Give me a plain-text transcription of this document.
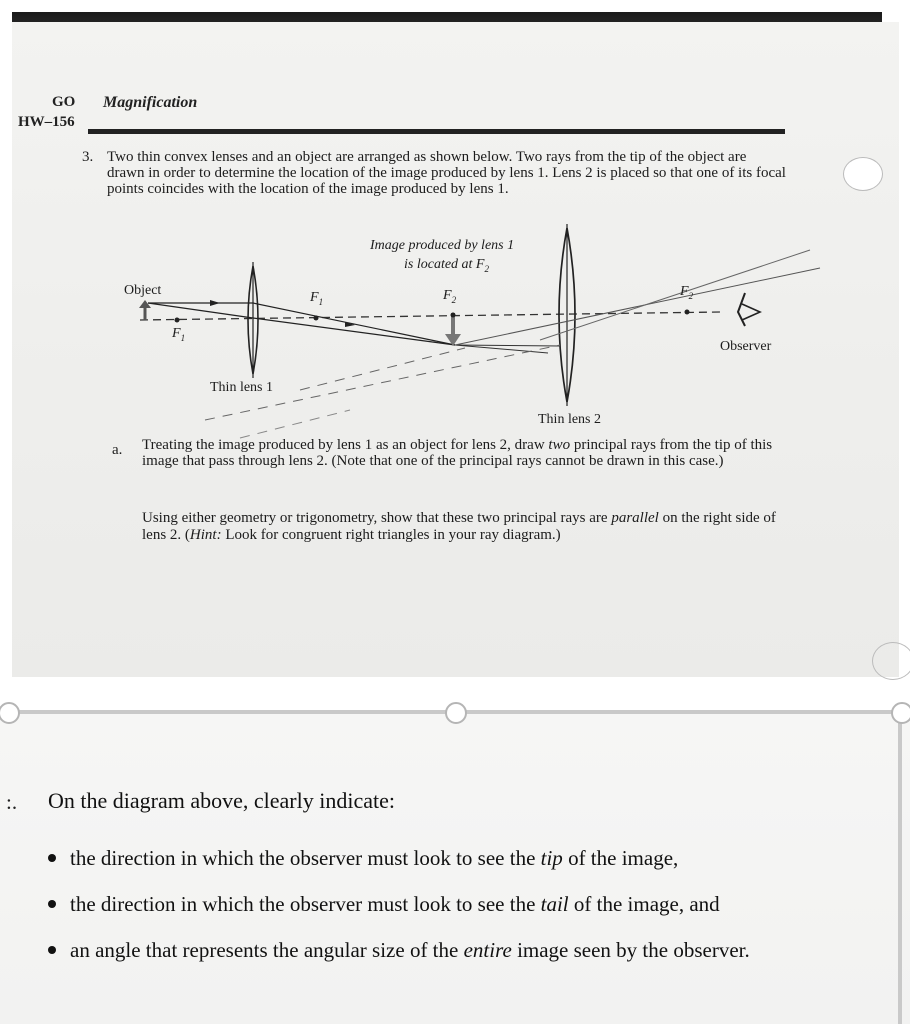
GO
HW–156
Magnification
3. Two thin convex lenses and an object are arranged as shown below. Two rays from the tip of the object are drawn in order to determine the location of the image produced by lens 1. Lens 2 is placed so that one of its focal points coincides with the location of the image produced by lens 1.
Object
$F_1$
$F_1$	$F_2$
$F_2$
Image produced by lens 1
is located at $F_2$
Observer
Thin lens 1
Thin lens 2
a. Treating the image produced by lens 1 as an object for lens 2, draw two principal rays from the tip of this image that pass through lens 2. (Note that one of the principal rays cannot be drawn in this case.)
Using either geometry or trigonometry, show that these two principal rays are parallel on the right side of lens 2. (Hint: Look for congruent right triangles in your ray diagram.)
:. On the diagram above, clearly indicate:
the direction in which the observer must look to see the tip of the image,
the direction in which the observer must look to see the tail of the image, and
an angle that represents the angular size of the entire image seen by the observer.
